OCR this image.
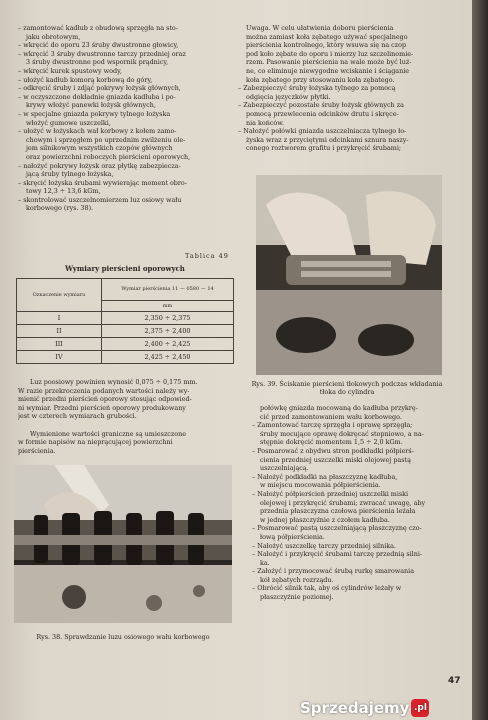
– zamontować kadłub z obudową sprzęgła na sto-
jaku obrotowym,
– wkręcić do oporu 23 śruby dwustronne głowicy,
– wkręcić 3 śruby dwustronne tarczy przedniej oraz
3 śruby dwustronne pod wspornik prądnicy,
– wkręcić kurek spustowy wody,
– ułożyć kadłub komorą korbową do góry,
– odkręcić śruby i zdjąć pokrywy łożysk głównych,
– w oczyszczone dokładnie gniazda kadłuba i po-
krywy włożyć panewki łożysk głównych,
– w specjalne gniazda pokrywy tylnego łożyska
włożyć gumowe uszczelki,
– ułożyć w łożyskach wał korbowy z kołem zamo-
chowym i sprzęgłem po uprzednim zwilżeniu ole-
jem silnikowym wszystkich czopów głównych
oraz powierzchni roboczych pierścieni oporowych,
– nałożyć pokrywy łożysk oraz płytkę zabezpiecza-
jącą śruby tylnego łożyska,
– skręcić łożyska śrubami wywierając moment obro-
towy 12,3 ÷ 13,6 kGm,
– skontrolować uszczelnomierzem luz osiowy wału
korbowego (rys. 38).
Tablica 49
Wymiary pierścieni oporowych
Oznaczenie wymiaru	Wymiar pierścienia 11 — 0580 — 14
	mm
I	2,350 ÷ 2,375
II	2,375 ÷ 2,400
III	2,400 ÷ 2,425
IV	2,425 ÷ 2,450
Luz poosiowy powinien wynosić 0,075 ÷ 0,175 mm.
W razie przekroczenia podanych wartości należy wy-
mienić przedni pierścień oporowy stosując odpowied-
ni wymiar. Przedni pierścień oporowy produkowany
jest w czterech wymiarach grubości.
Wymienione wartości graniczne są umieszczone
w formie napisów na nieprącującej powierzchni
pierścienia.
Rys. 38. Sprawdzanie luzu osiowego wału korbowego
Uwaga. W celu ułatwienia doboru pierścienia
można zamiast koła zębatego używać specjalnego
pierścienia kontrolnego, który wsuwa się na czop
pod koło zębate do oporu i mierzy luz szczelinomie-
rzem. Pasowanie pierścienia na wale może być luź-
ne, co eliminuje niewygodne wciskanie i ściąganie
koła zębatego przy stosowaniu koła zębatego.
– Zabezpieczyć śruby łożyska tylnego za pomocą
odgięcia języczków płytki.
– Zabezpieczyć pozostałe śruby łożysk głównych za
pomocą przewlecenia odcinków drutu i skręce-
nia końców.
– Nałożyć połówki gniazda uszczelniacza tylnego ło-
żyska wraz z przyciętymi odcinkami sznura naszy-
conego roztworem grafitu i przykręcić śrubami;
Rys. 39. Ściskanie pierścieni tłokowych podczas wkładania
tłoka do cylindra
połówkę gniazda mocowaną do kadłuba przykrę-
cić przed zamontowaniem wału korbowego.
– Zamontować tarczę sprzęgła i oprawę sprzęgła;
śruby mocujące oprawę dokręcać stopniowo, a na-
stępnie dokręcić momentem 1,5 ÷ 2,0 kGm.
– Posmarować z obydwu stron podkładki półpierś-
cienia przedniej uszczelki miski olejowej pastą
uszczelniającą.
– Nałożyć podkładki na płaszczyznę kadłuba,
w miejscu mocowania półpierścienia.
– Nałożyć półpierścień przedniej uszczelki miski
olejowej i przykręcić śrubami; zwracać uwagę, aby
przednia płaszczyzna czołowa pierścienia leżała
w jednej płaszczyźnie z czołem kadłuba.
– Posmarować pastą uszczelniającą płaszczyznę czo-
łową półpierścienia.
– Nałożyć uszczelkę tarczy przedniej silnika.
– Nałożyć i przykręcić śrubami tarczę przednią silni-
ka.
– Założyć i przymocować śrubą rurkę smarowania
kół zębatych rozrządu.
– Obrócić silnik tak, aby oś cylindrów leżały w
płaszczyźnie poziomej.
47
Sprzedajemy .pl
